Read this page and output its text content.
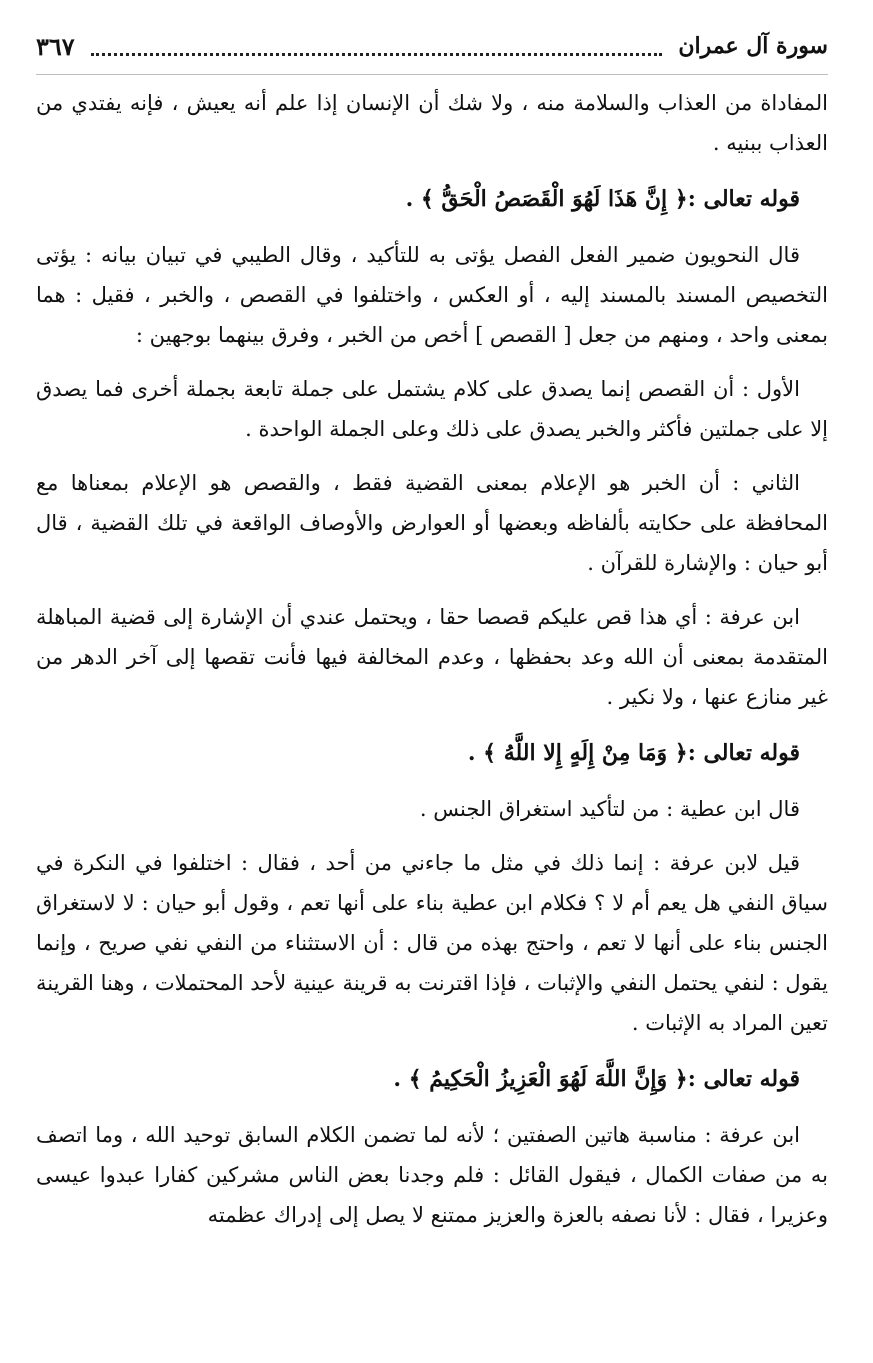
سورة آل عمران
٣٦٧

المفاداة من العذاب والسلامة منه ، ولا شك أن الإنسان إذا علم أنه يعيش ، فإنه يفتدي من العذاب ببنيه .

قوله تعالى :﴿ إِنَّ هَذَا لَهُوَ الْقَصَصُ الْحَقُّ ﴾ .

قال النحويون ضمير الفعل الفصل يؤتى به للتأكيد ، وقال الطيبي في تبيان بيانه : يؤتى التخصيص المسند بالمسند إليه ، أو العكس ، واختلفوا في القصص ، والخبر ، فقيل : هما بمعنى واحد ، ومنهم من جعل [ القصص ] أخص من الخبر ، وفرق بينهما بوجهين :

الأول : أن القصص إنما يصدق على كلام يشتمل على جملة تابعة بجملة أخرى فما يصدق إلا على جملتين فأكثر والخبر يصدق على ذلك وعلى الجملة الواحدة .

الثاني : أن الخبر هو الإعلام بمعنى القضية فقط ، والقصص هو الإعلام بمعناها مع المحافظة على حكايته بألفاظه وبعضها أو العوارض والأوصاف الواقعة في تلك القضية ، قال أبو حيان : والإشارة للقرآن .

ابن عرفة : أي هذا قص عليكم قصصا حقا ، ويحتمل عندي أن الإشارة إلى قضية المباهلة المتقدمة بمعنى أن الله وعد بحفظها ، وعدم المخالفة فيها فأنت تقصها إلى آخر الدهر من غير منازع عنها ، ولا نكير .

قوله تعالى :﴿ وَمَا مِنْ إِلَهٍ إِلا اللَّهُ ﴾ .

قال ابن عطية : من لتأكيد استغراق الجنس .

قيل لابن عرفة : إنما ذلك في مثل ما جاءني من أحد ، فقال : اختلفوا في النكرة في سياق النفي هل يعم أم لا ؟ فكلام ابن عطية بناء على أنها تعم ، وقول أبو حيان : لا لاستغراق الجنس بناء على أنها لا تعم ، واحتج بهذه من قال : أن الاستثناء من النفي نفي صريح ، وإنما يقول : لنفي يحتمل النفي والإثبات ، فإذا اقترنت به قرينة عينية لأحد المحتملات ، وهنا القرينة تعين المراد به الإثبات .

قوله تعالى :﴿ وَإِنَّ اللَّهَ لَهُوَ الْعَزِيزُ الْحَكِيمُ ﴾ .

ابن عرفة : مناسبة هاتين الصفتين ؛ لأنه لما تضمن الكلام السابق توحيد الله ، وما اتصف به من صفات الكمال ، فيقول القائل : فلم وجدنا بعض الناس مشركين كفارا عبدوا عيسى وعزيرا ، فقال : لأنا نصفه بالعزة والعزيز ممتنع لا يصل إلى إدراك عظمته
